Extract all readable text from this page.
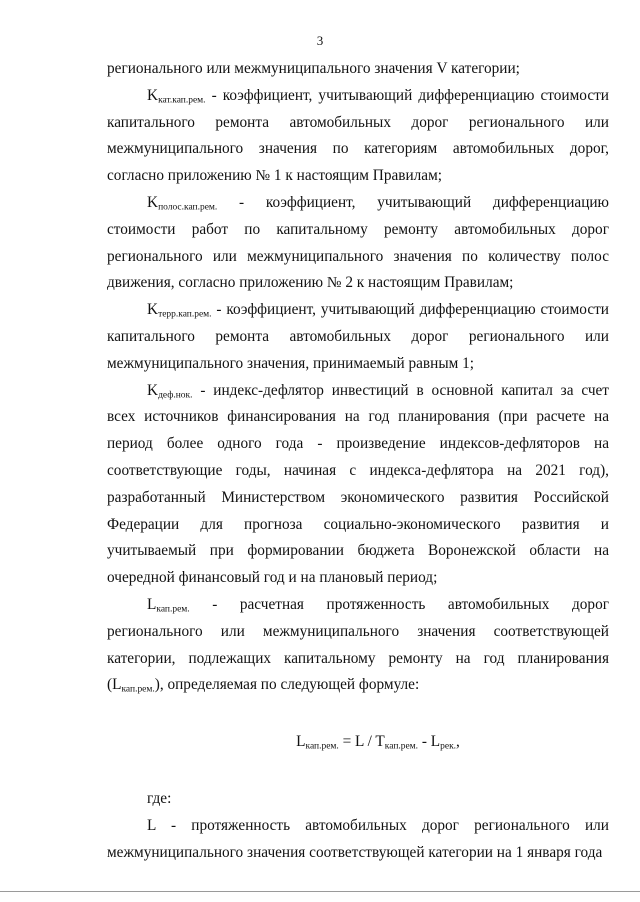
3

регионального или межмуниципального значения V категории;

$K_{кат.кап.рем.}$ - коэффициент, учитывающий дифференциацию стоимости капитального ремонта автомобильных дорог регионального или межмуниципального значения по категориям автомобильных дорог, согласно приложению № 1 к настоящим Правилам;

$K_{полос.кап.рем.}$ - коэффициент, учитывающий дифференциацию стоимости работ по капитальному ремонту автомобильных дорог регионального или межмуниципального значения по количеству полос движения, согласно приложению № 2 к настоящим Правилам;

$K_{терр.кап.рем.}$ - коэффициент, учитывающий дифференциацию стоимости капитального ремонта автомобильных дорог регионального или межмуниципального значения, принимаемый равным 1;

$K_{деф.нок.}$ - индекс-дефлятор инвестиций в основной капитал за счет всех источников финансирования на год планирования (при расчете на период более одного года - произведение индексов-дефляторов на соответствующие годы, начиная с индекса-дефлятора на 2021 год), разработанный Министерством экономического развития Российской Федерации для прогноза социально-экономического развития и учитываемый при формировании бюджета Воронежской области на очередной финансовый год и на плановый период;

$L_{кап.рем.}$ - расчетная протяженность автомобильных дорог регионального или межмуниципального значения соответствующей категории, подлежащих капитальному ремонту на год планирования $(L_{кап.рем.})$, определяемая по следующей формуле:

$L_{кап.рем.} = L / T_{кап.рем.} - L_{рек.}$,

где:

L - протяженность автомобильных дорог регионального или межмуниципального значения соответствующей категории на 1 января года
